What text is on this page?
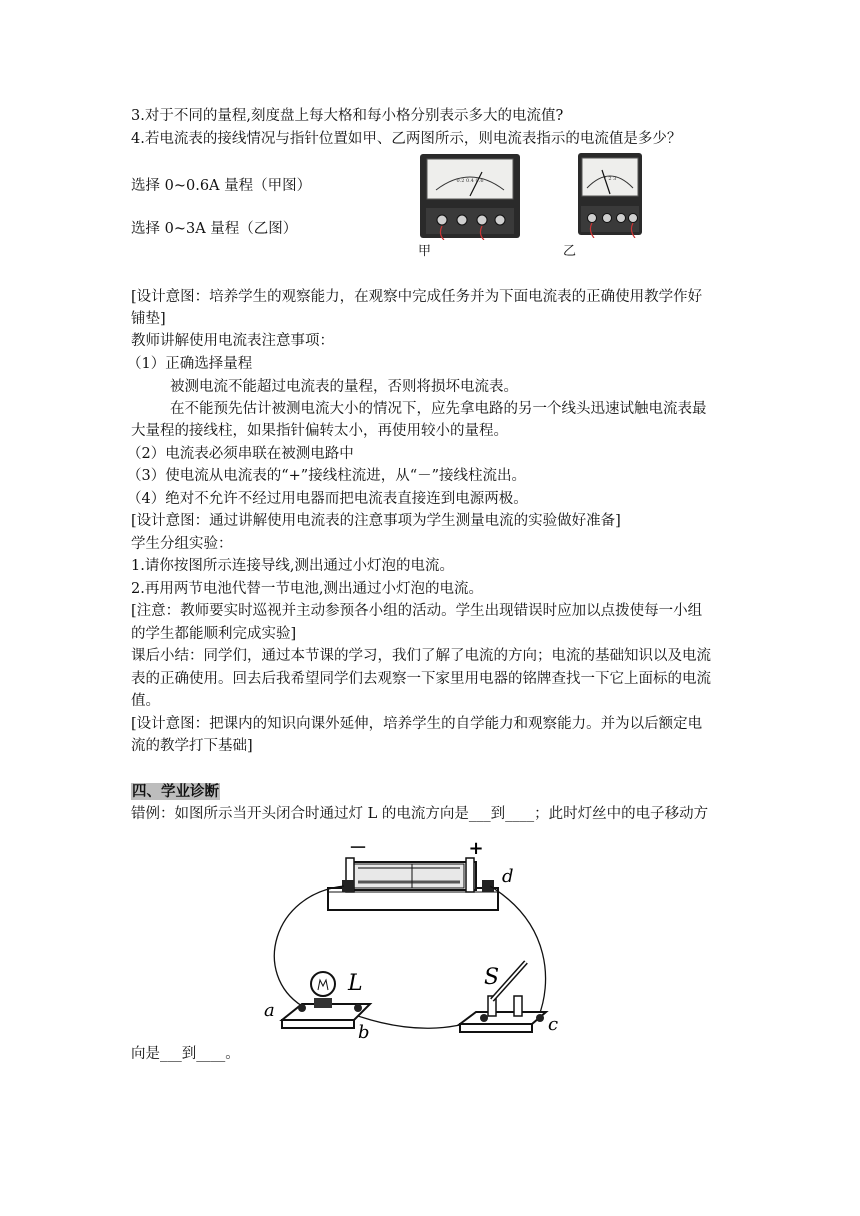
3.对于不同的量程,刻度盘上每大格和每小格分别表示多大的电流值?
4.若电流表的接线情况与指针位置如甲、乙两图所示，则电流表指示的电流值是多少？
选择 0~0.6A 量程（甲图）
选择 0~3A 量程（乙图）
0.2 0.4 0.6
甲
1 2 3
乙
[设计意图：培养学生的观察能力，在观察中完成任务并为下面电流表的正确使用教学作好
铺垫]
教师讲解使用电流表注意事项：
（1）正确选择量程
被测电流不能超过电流表的量程，否则将损坏电流表。
在不能预先估计被测电流大小的情况下，应先拿电路的另一个线头迅速试触电流表最
大量程的接线柱，如果指针偏转太小，再使用较小的量程。
（2）电流表必须串联在被测电路中
（3）使电流从电流表的“+”接线柱流进，从“－”接线柱流出。
（4）绝对不允许不经过用电器而把电流表直接连到电源两极。
[设计意图：通过讲解使用电流表的注意事项为学生测量电流的实验做好准备]
学生分组实验：
1.请你按图所示连接导线,测出通过小灯泡的电流。
2.再用两节电池代替一节电池,测出通过小灯泡的电流。
[注意：教师要实时巡视并主动参预各小组的活动。学生出现错误时应加以点拨使每一小组
的学生都能顺利完成实验]
课后小结：同学们，通过本节课的学习，我们了解了电流的方向；电流的基础知识以及电流
表的正确使用。回去后我希望同学们去观察一下家里用电器的铭牌查找一下它上面标的电流
值。
[设计意图：把课内的知识向课外延伸，培养学生的自学能力和观察能力。并为以后额定电
流的教学打下基础]
四、学业诊断
错例：如图所示当开头闭合时通过灯 L 的电流方向是___到____；此时灯丝中的电子移动方
－	+
d
L
a
b
S
c
向是___到____。
